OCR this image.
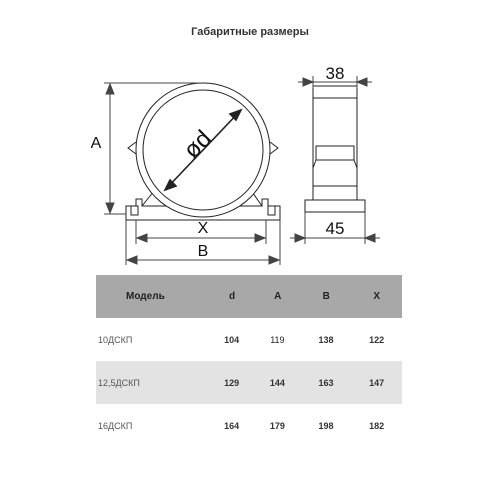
Габаритные размеры
ød
A
X
B
38
45
Модель	d	A	B	X
10ДСКП	104	119	138	122
12,5ДСКП	129	144	163	147
16ДСКП	164	179	198	182
